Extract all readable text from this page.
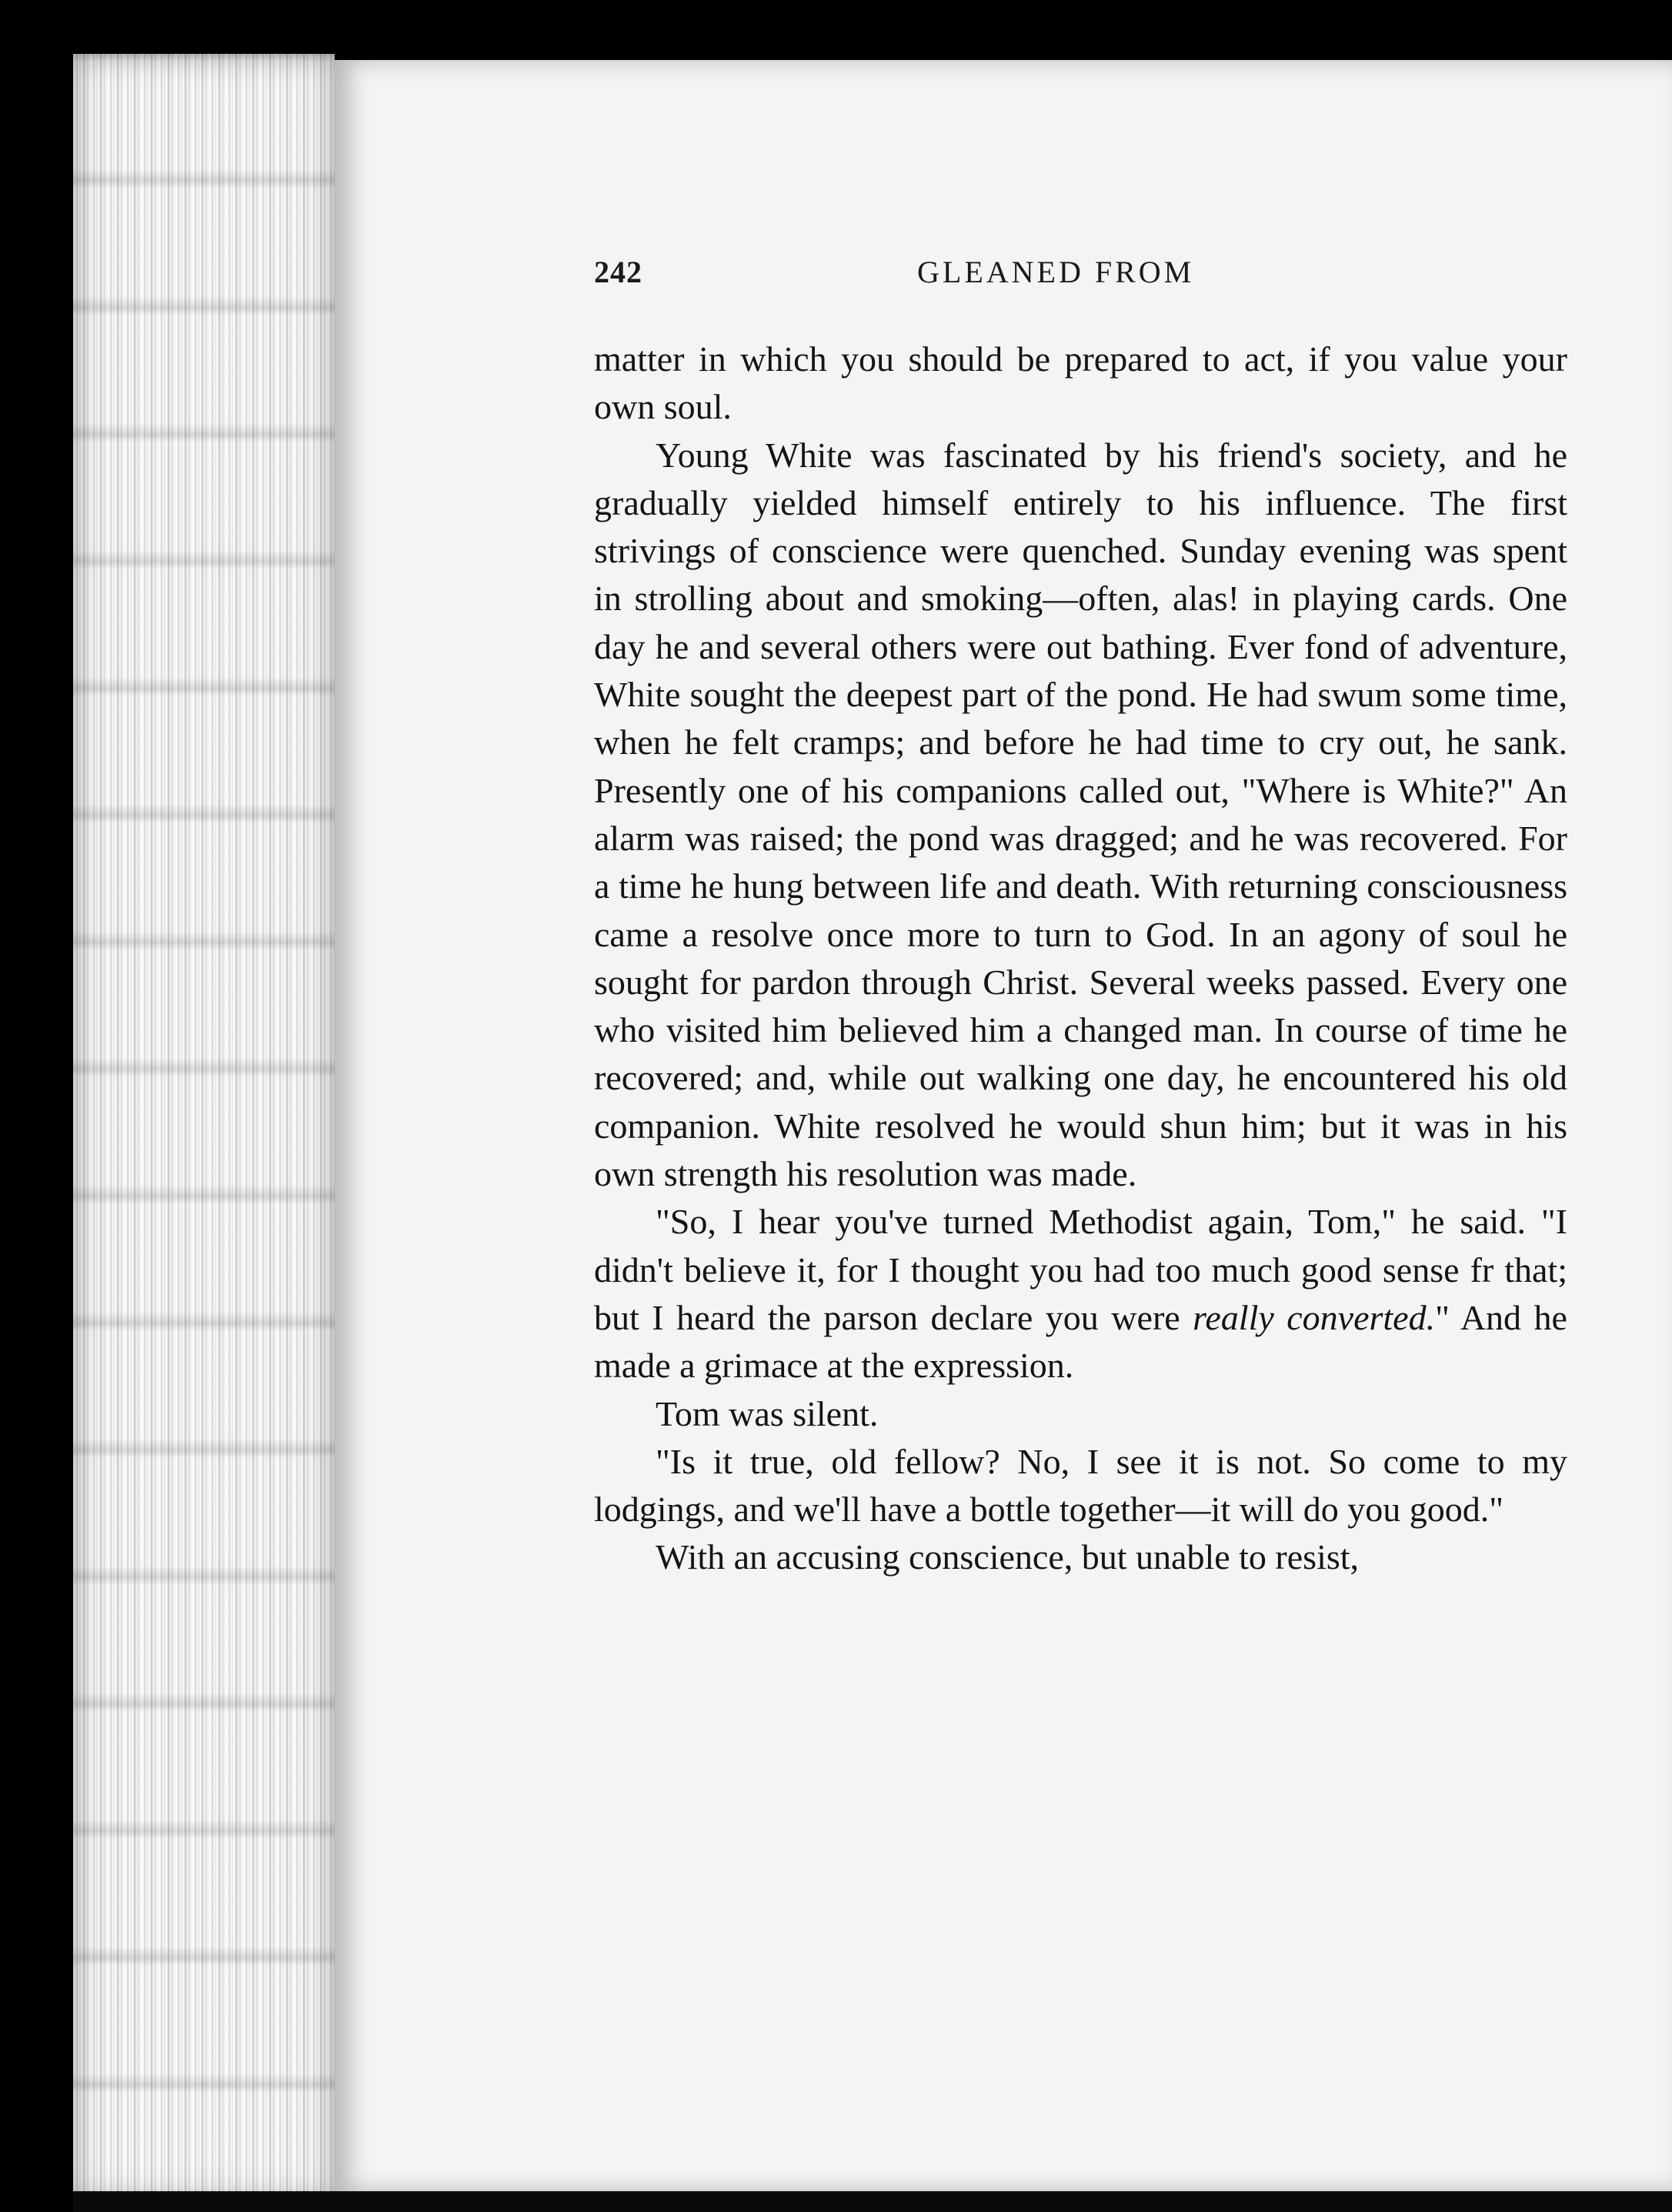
242	GLEANED FROM

matter in which you should be prepared to act, if you value your own soul.

Young White was fascinated by his friend's society, and he gradually yielded himself entirely to his influence. The first strivings of conscience were quenched. Sunday evening was spent in strolling about and smoking—often, alas! in playing cards. One day he and several others were out bathing. Ever fond of adventure, White sought the deepest part of the pond. He had swum some time, when he felt cramps; and before he had time to cry out, he sank. Presently one of his companions called out, "Where is White?" An alarm was raised; the pond was dragged; and he was recovered. For a time he hung between life and death. With returning consciousness came a resolve once more to turn to God. In an agony of soul he sought for pardon through Christ. Several weeks passed. Every one who visited him believed him a changed man. In course of time he recovered; and, while out walking one day, he encountered his old companion. White resolved he would shun him; but it was in his own strength his resolution was made.

"So, I hear you've turned Methodist again, Tom," he said. "I didn't believe it, for I thought you had too much good sense fr that; but I heard the parson declare you were really converted." And he made a grimace at the expression.

Tom was silent.

"Is it true, old fellow? No, I see it is not. So come to my lodgings, and we'll have a bottle together—it will do you good."

With an accusing conscience, but unable to resist,
